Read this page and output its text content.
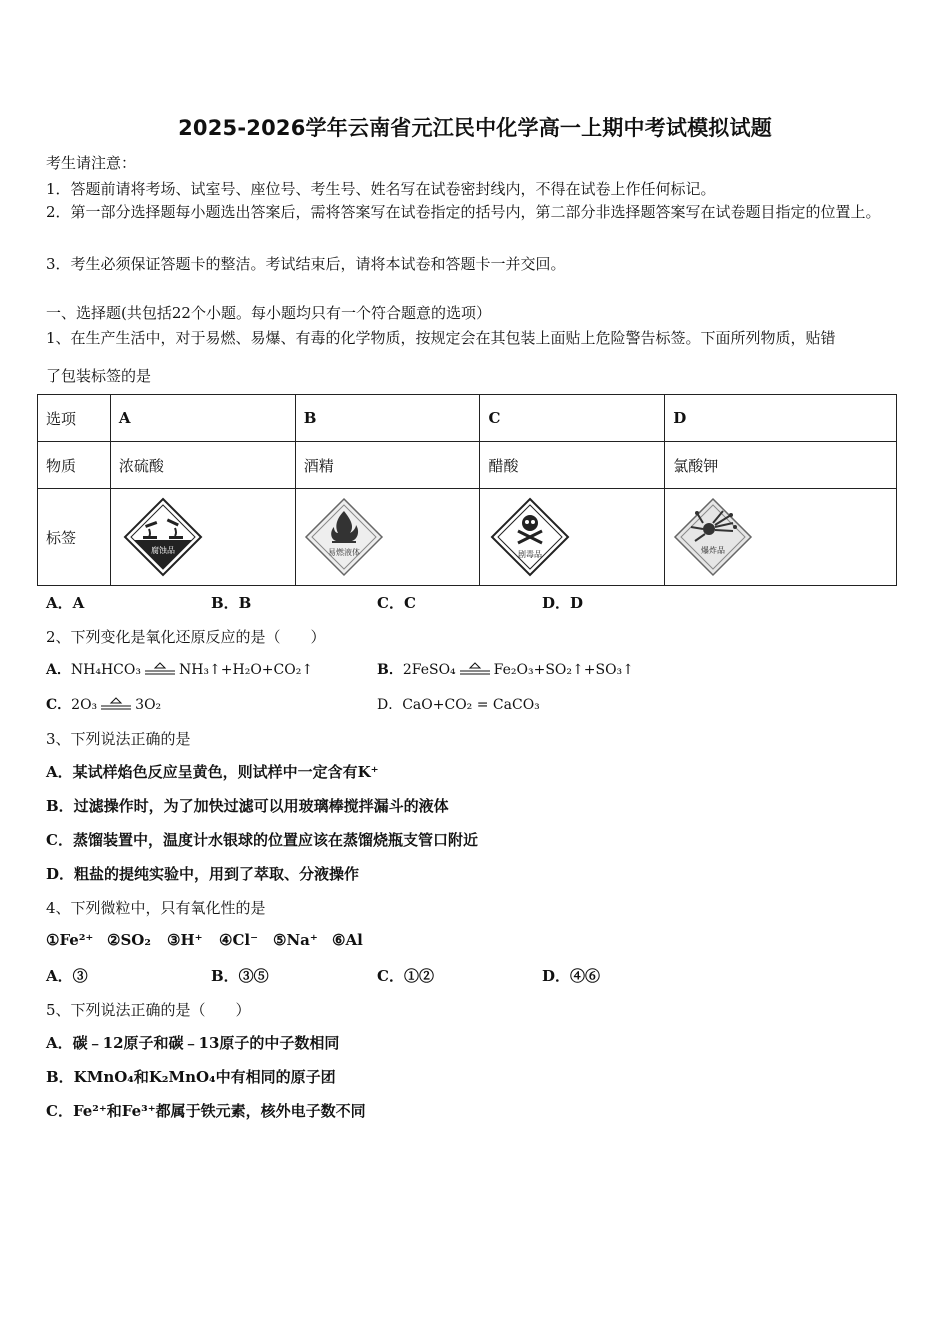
2025-2026学年云南省元江民中化学高一上期中考试模拟试题
考生请注意：
1．答题前请将考场、试室号、座位号、考生号、姓名写在试卷密封线内，不得在试卷上作任何标记。
2．第一部分选择题每小题选出答案后，需将答案写在试卷指定的括号内，第二部分非选择题答案写在试卷题目指定的位置上。
3．考生必须保证答题卡的整洁。考试结束后，请将本试卷和答题卡一并交回。
一、选择题(共包括22个小题。每小题均只有一个符合题意的选项）
1、在生产生活中，对于易燃、易爆、有毒的化学物质，按规定会在其包装上面贴上危险警告标签。下面所列物质，贴错
了包装标签的是
选项	A	B	C	D
物质	浓硫酸	酒精	醋酸	氯酸钾
标签	腐蚀品	易燃液体	剧毒品	爆炸品
A．A	B．B	C．C	D．D
2、下列变化是氧化还原反应的是（　　）
A．NH₄HCO₃	NH₃↑+H₂O+CO₂↑	B．2FeSO₄	Fe₂O₃+SO₂↑+SO₃↑
C．2O₃	3O₂	D．CaO+CO₂ = CaCO₃
3、下列说法正确的是
A．某试样焰色反应呈黄色，则试样中一定含有K⁺
B．过滤操作时，为了加快过滤可以用玻璃棒搅拌漏斗的液体
C．蒸馏装置中，温度计水银球的位置应该在蒸馏烧瓶支管口附近
D．粗盐的提纯实验中，用到了萃取、分液操作
4、下列微粒中，只有氧化性的是
①Fe²⁺ ②SO₂ ③H⁺ ④Cl⁻ ⑤Na⁺ ⑥Al
A．③	B．③⑤	C．①②	D．④⑥
5、下列说法正确的是（　　）
A．碳﹣12原子和碳﹣13原子的中子数相同
B．KMnO₄和K₂MnO₄中有相同的原子团
C．Fe²⁺和Fe³⁺都属于铁元素，核外电子数不同
